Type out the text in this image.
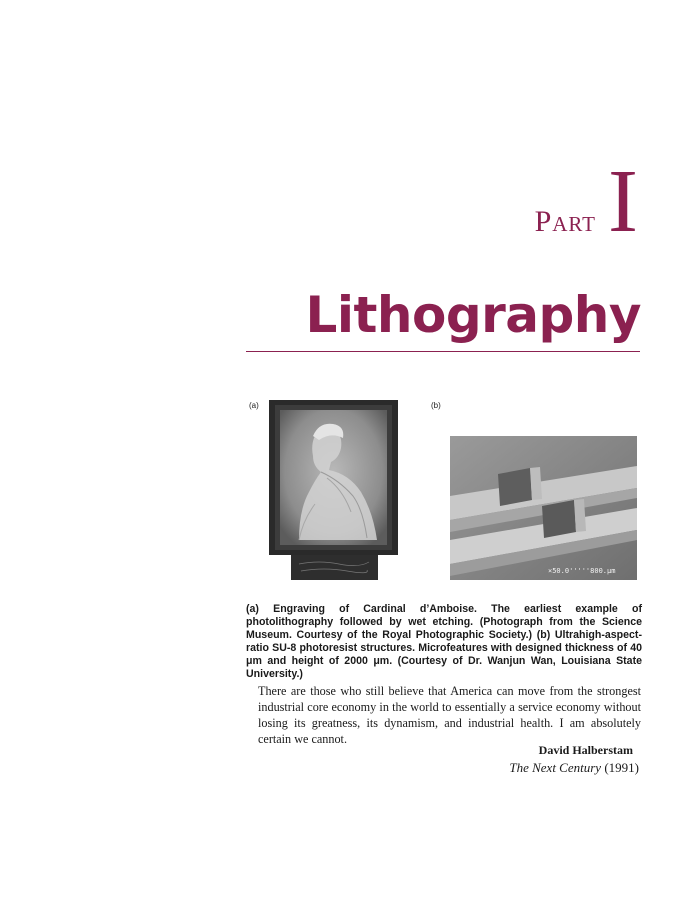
Part I
Lithography
(a)	(b)
×50.0'''''800.μm
(a) Engraving of Cardinal d’Amboise. The earliest example of photolithography followed by wet etching. (Photograph from the Science Museum. Courtesy of the Royal Photographic Society.) (b) Ultrahigh-aspect-ratio SU-8 photoresist structures. Microfeatures with designed thickness of 40 μm and height of 2000 μm. (Courtesy of Dr. Wanjun Wan, Louisiana State University.)
There are those who still believe that America can move from the strongest industrial core economy in the world to essentially a service economy without losing its greatness, its dynamism, and industrial health. I am absolutely certain we cannot.
David Halberstam
The Next Century (1991)
